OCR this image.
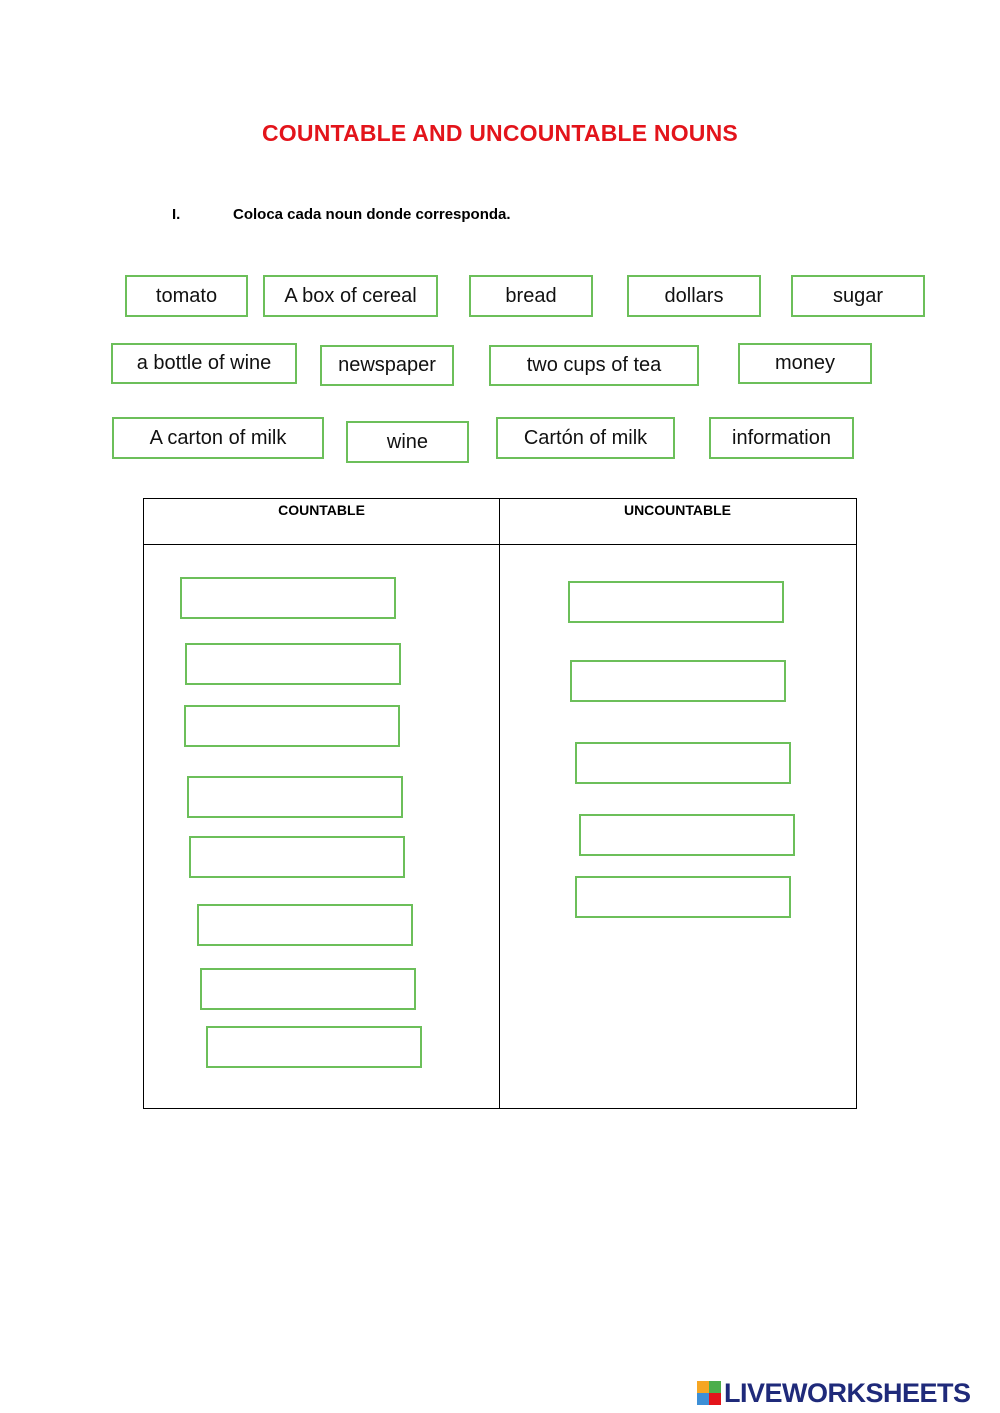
COUNTABLE AND UNCOUNTABLE NOUNS
I.	Coloca cada noun donde corresponda.
tomato	A box of cereal	bread	dollars	sugar
a bottle of wine	newspaper	two cups of tea	money
A carton of milk	wine	Cartón of milk	information
COUNTABLE	UNCOUNTABLE
LIVEWORKSHEETS
